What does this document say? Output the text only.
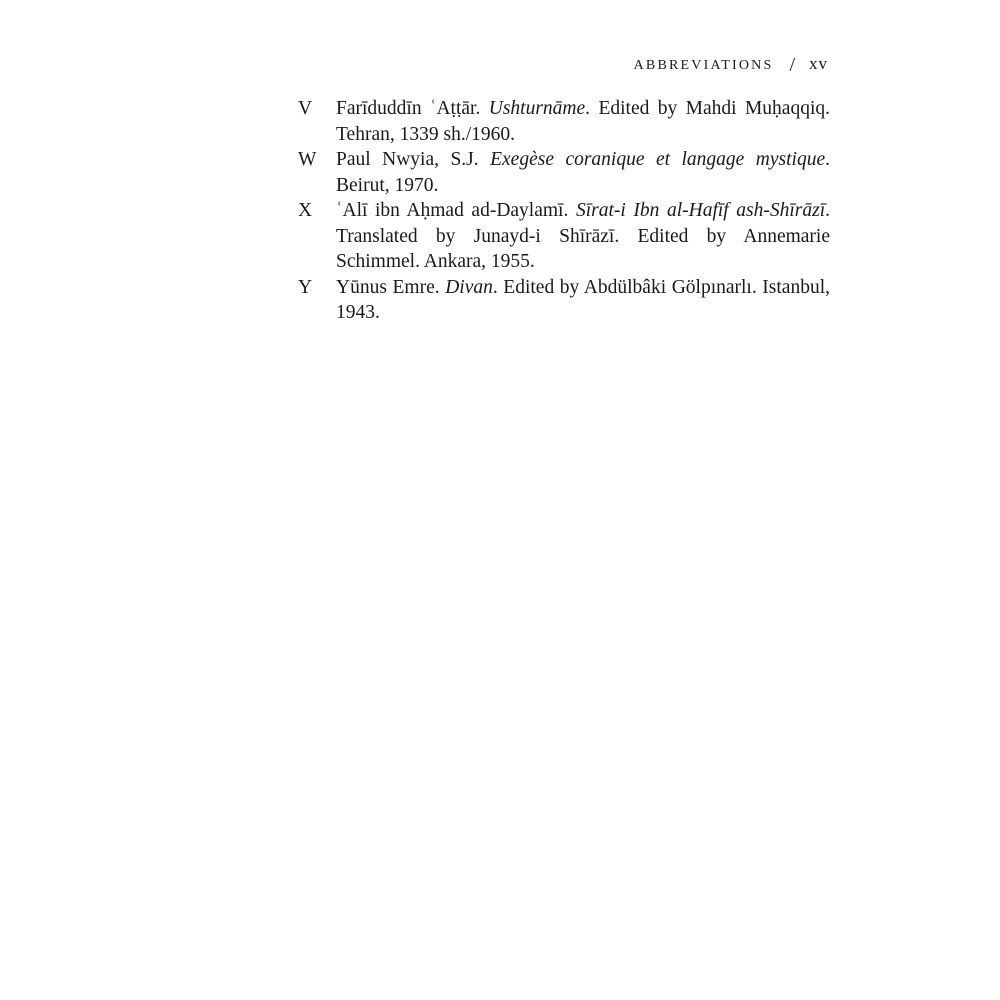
ABBREVIATIONS / xv
V	Farīduddīn ʿAṭṭār. Ushturnāme. Edited by Mahdi Muḥaqqiq. Tehran, 1339 sh./1960.
W	Paul Nwyia, S.J. Exegèse coranique et langage mystique. Beirut, 1970.
X	ʿAlī ibn Aḥmad ad-Daylamī. Sīrat-i Ibn al-Hafīf ash-Shīrāzī. Translated by Junayd-i Shīrāzī. Edited by Annemarie Schimmel. Ankara, 1955.
Y	Yūnus Emre. Divan. Edited by Abdülbâki Gölpınarlı. Istanbul, 1943.
